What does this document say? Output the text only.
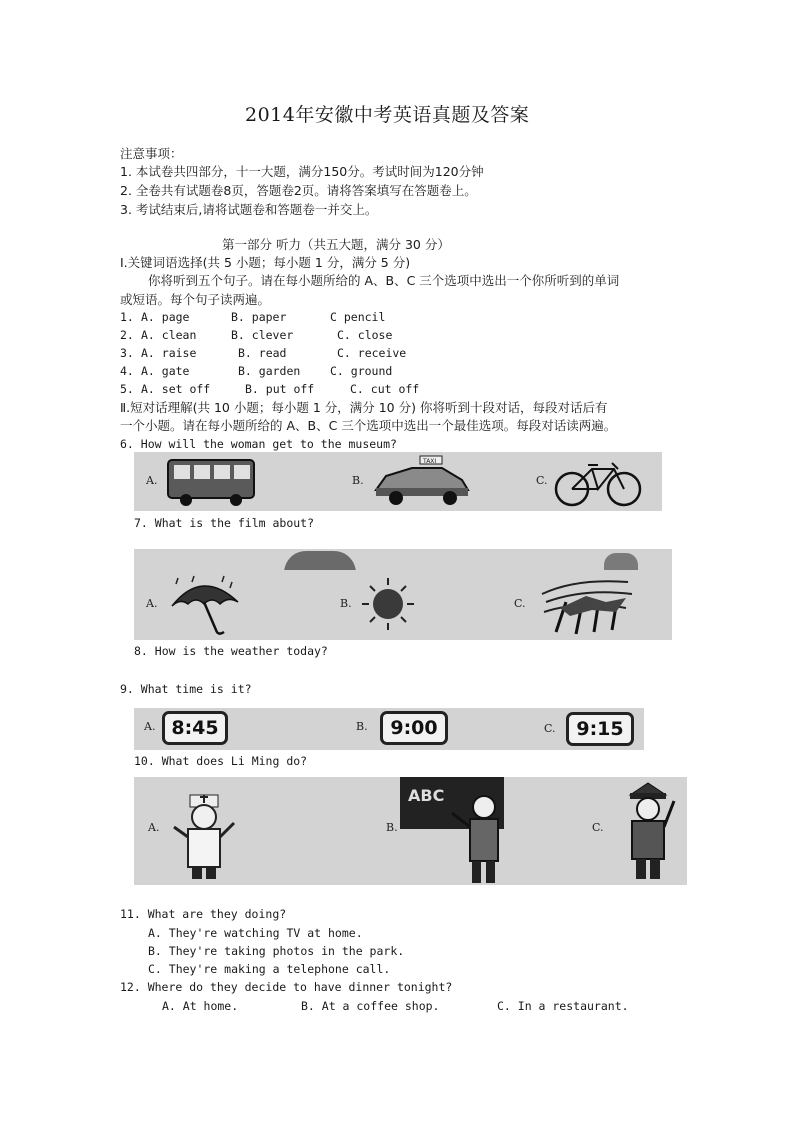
2014年安徽中考英语真题及答案
注意事项：
1. 本试卷共四部分，十一大题，满分150分。考试时间为120分钟
2. 全卷共有试题卷8页，答题卷2页。请将答案填写在答题卷上。
3. 考试结束后,请将试题卷和答题卷一并交上。
第一部分 听力（共五大题，满分 30 分）
I.关键词语选择(共 5 小题；每小题 1 分，满分 5 分)
你将听到五个句子。请在每小题所给的 A、B、C 三个选项中选出一个你所听到的单词
或短语。每个句子读两遍。
1. A. page	B. paper	C pencil
2. A. clean	B. clever	C. close
3. A. raise	B. read	C. receive
4. A. gate	B. garden	C. ground
5. A. set off	B. put off	C. cut off
Ⅱ.短对话理解(共 10 小题；每小题 1 分，满分 10 分) 你将听到十段对话，每段对话后有
一个小题。请在每小题所给的 A、B、C 三个选项中选出一个最佳选项。每段对话读两遍。
6. How will the woman get to the museum?
A.	B.
TAXI
C.
7. What is the film about?
A.	B.	C.
8. How is the weather today?
9. What time is it?
A. 8:45	B.	9:00	C.	9:15
10. What does Li Ming do?
A.	B.
ABC
C.
11. What are they doing?
A. They're watching TV at home.
B. They're taking photos in the park.
C. They're making a telephone call.
12. Where do they decide to have dinner tonight?
A. At home.	B. At a coffee shop.	C. In a restaurant.
